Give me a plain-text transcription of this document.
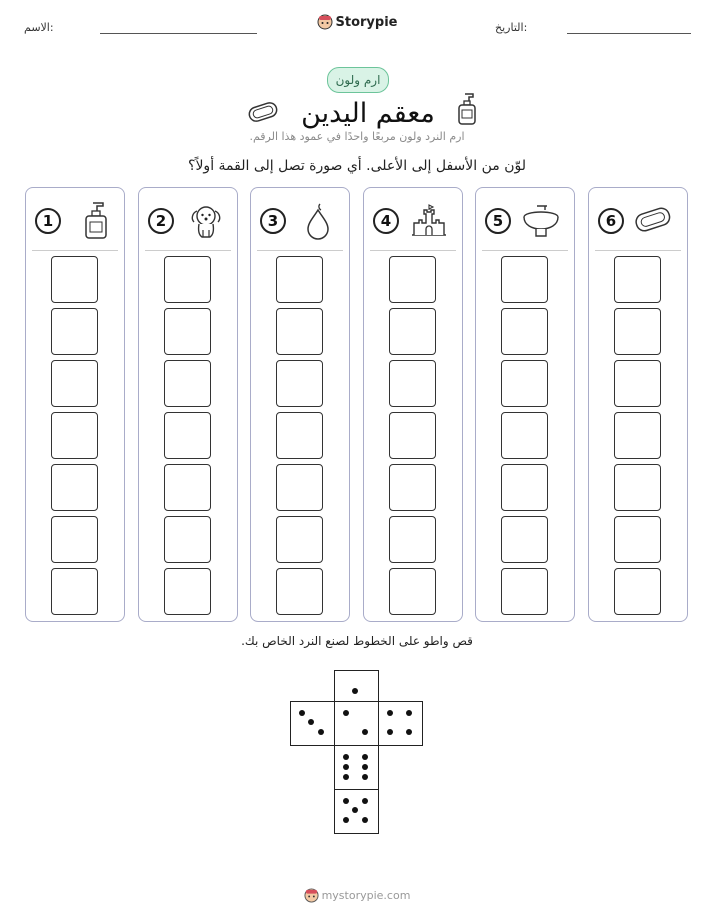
الاسم:	Storypie	التاريخ:
ارم ولون
معقم اليدين
ارم النرد ولون مربعًا واحدًا في عمود هذا الرقم.
لوّن من الأسفل إلى الأعلى. أي صورة تصل إلى القمة أولاً؟
1	2	3	4	5	6
قص واطو على الخطوط لصنع النرد الخاص بك.
mystorypie.com
